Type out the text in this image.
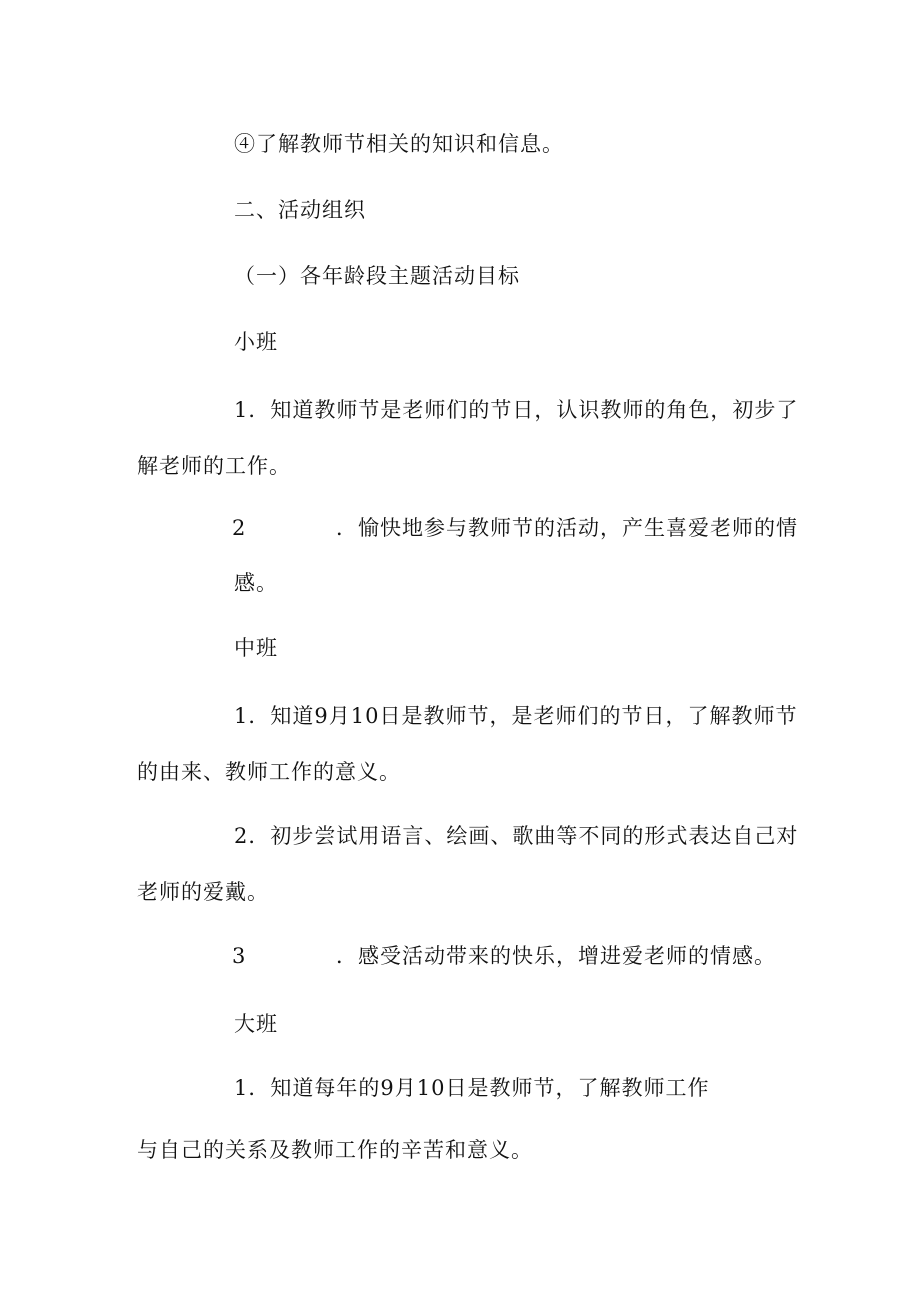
④了解教师节相关的知识和信息。
二、活动组织
（一）各年龄段主题活动目标
小班
1．知道教师节是老师们的节日，认识教师的角色，初步了
解老师的工作。
2	．愉快地参与教师节的活动，产生喜爱老师的情
感。
中班
1．知道9月10日是教师节，是老师们的节日，了解教师节
的由来、教师工作的意义。
2．初步尝试用语言、绘画、歌曲等不同的形式表达自己对
老师的爱戴。
3	．感受活动带来的快乐，增进爱老师的情感。
大班
1．知道每年的9月10日是教师节，了解教师工作
与自己的关系及教师工作的辛苦和意义。
